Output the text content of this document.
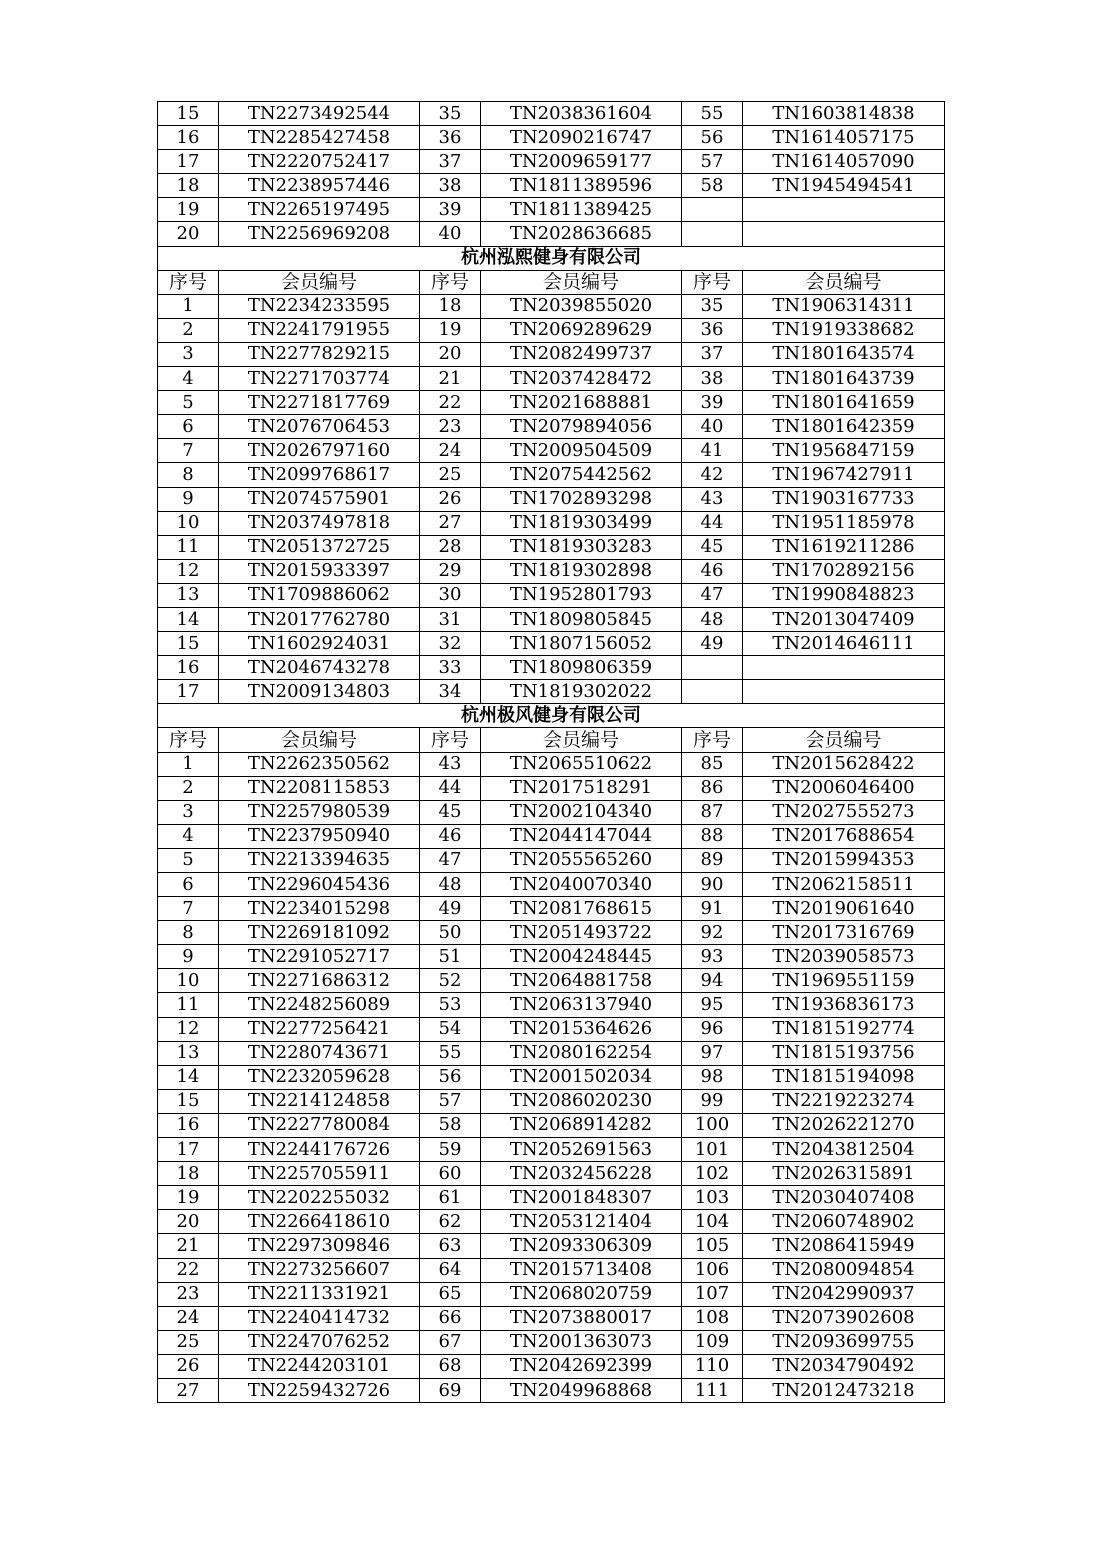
15	TN2273492544	35	TN2038361604	55	TN1603814838
16	TN2285427458	36	TN2090216747	56	TN1614057175
17	TN2220752417	37	TN2009659177	57	TN1614057090
18	TN2238957446	38	TN1811389596	58	TN1945494541
19	TN2265197495	39	TN1811389425		
20	TN2256969208	40	TN2028636685		
杭州泓熙健身有限公司					
序号	会员编号	序号	会员编号	序号	会员编号
1	TN2234233595	18	TN2039855020	35	TN1906314311
2	TN2241791955	19	TN2069289629	36	TN1919338682
3	TN2277829215	20	TN2082499737	37	TN1801643574
4	TN2271703774	21	TN2037428472	38	TN1801643739
5	TN2271817769	22	TN2021688881	39	TN1801641659
6	TN2076706453	23	TN2079894056	40	TN1801642359
7	TN2026797160	24	TN2009504509	41	TN1956847159
8	TN2099768617	25	TN2075442562	42	TN1967427911
9	TN2074575901	26	TN1702893298	43	TN1903167733
10	TN2037497818	27	TN1819303499	44	TN1951185978
11	TN2051372725	28	TN1819303283	45	TN1619211286
12	TN2015933397	29	TN1819302898	46	TN1702892156
13	TN1709886062	30	TN1952801793	47	TN1990848823
14	TN2017762780	31	TN1809805845	48	TN2013047409
15	TN1602924031	32	TN1807156052	49	TN2014646111
16	TN2046743278	33	TN1809806359		
17	TN2009134803	34	TN1819302022		
杭州极风健身有限公司					
序号	会员编号	序号	会员编号	序号	会员编号
1	TN2262350562	43	TN2065510622	85	TN2015628422
2	TN2208115853	44	TN2017518291	86	TN2006046400
3	TN2257980539	45	TN2002104340	87	TN2027555273
4	TN2237950940	46	TN2044147044	88	TN2017688654
5	TN2213394635	47	TN2055565260	89	TN2015994353
6	TN2296045436	48	TN2040070340	90	TN2062158511
7	TN2234015298	49	TN2081768615	91	TN2019061640
8	TN2269181092	50	TN2051493722	92	TN2017316769
9	TN2291052717	51	TN2004248445	93	TN2039058573
10	TN2271686312	52	TN2064881758	94	TN1969551159
11	TN2248256089	53	TN2063137940	95	TN1936836173
12	TN2277256421	54	TN2015364626	96	TN1815192774
13	TN2280743671	55	TN2080162254	97	TN1815193756
14	TN2232059628	56	TN2001502034	98	TN1815194098
15	TN2214124858	57	TN2086020230	99	TN2219223274
16	TN2227780084	58	TN2068914282	100	TN2026221270
17	TN2244176726	59	TN2052691563	101	TN2043812504
18	TN2257055911	60	TN2032456228	102	TN2026315891
19	TN2202255032	61	TN2001848307	103	TN2030407408
20	TN2266418610	62	TN2053121404	104	TN2060748902
21	TN2297309846	63	TN2093306309	105	TN2086415949
22	TN2273256607	64	TN2015713408	106	TN2080094854
23	TN2211331921	65	TN2068020759	107	TN2042990937
24	TN2240414732	66	TN2073880017	108	TN2073902608
25	TN2247076252	67	TN2001363073	109	TN2093699755
26	TN2244203101	68	TN2042692399	110	TN2034790492
27	TN2259432726	69	TN2049968868	111	TN2012473218
